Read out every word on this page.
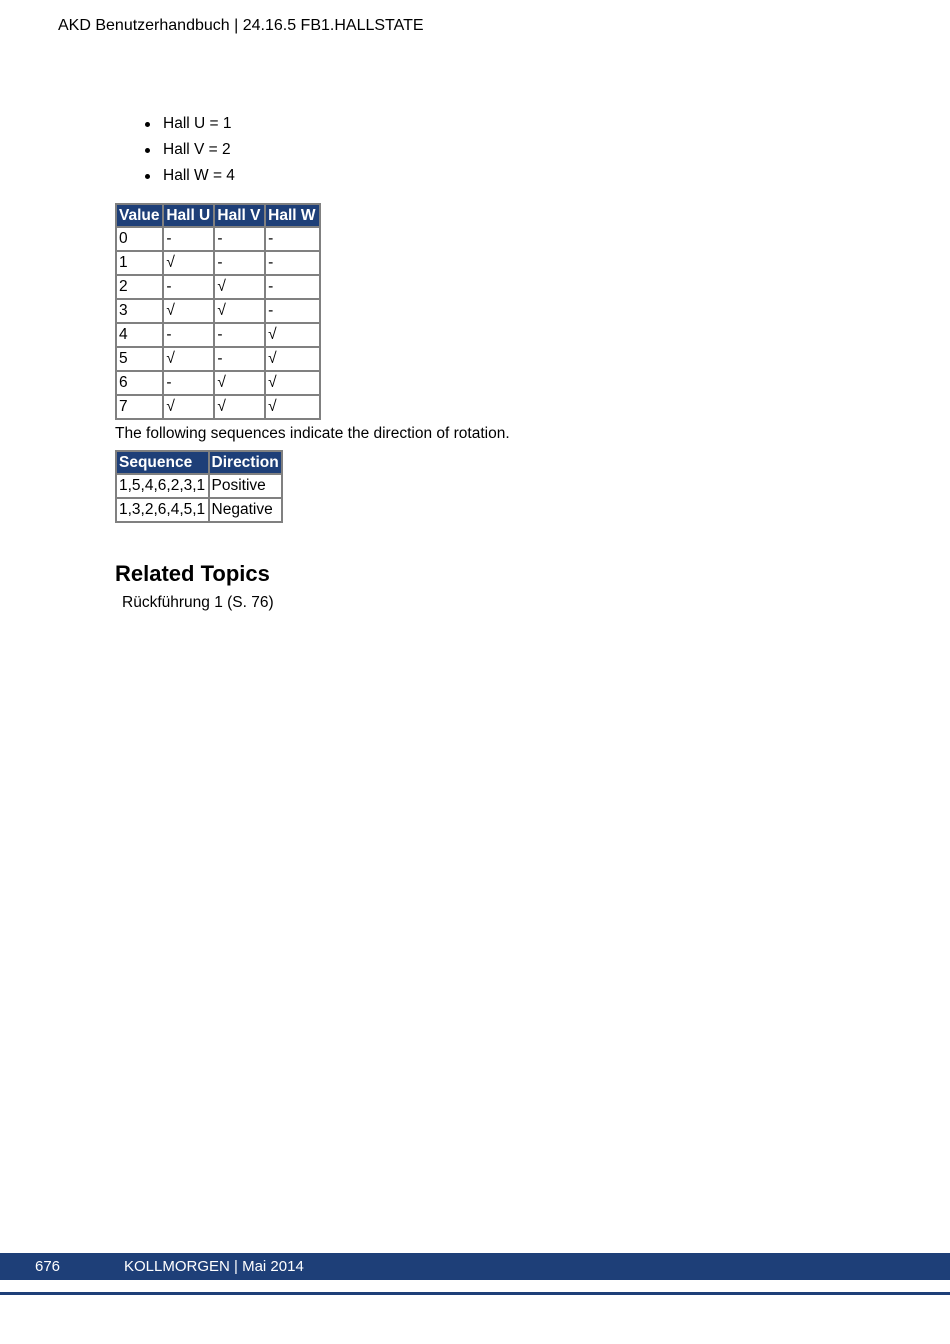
AKD Benutzerhandbuch | 24.16.5 FB1.HALLSTATE
Hall U = 1
Hall V = 2
Hall W = 4
Value	Hall U	Hall V	Hall W
0	-	-	-
1	√	-	-
2	-	√	-
3	√	√	-
4	-	-	√
5	√	-	√
6	-	√	√
7	√	√	√
The following sequences indicate the direction of rotation.
Sequence	Direction
1,5,4,6,2,3,1	Positive
1,3,2,6,4,5,1	Negative
Related Topics
Rückführung 1 (S. 76)
676	KOLLMORGEN | Mai 2014
